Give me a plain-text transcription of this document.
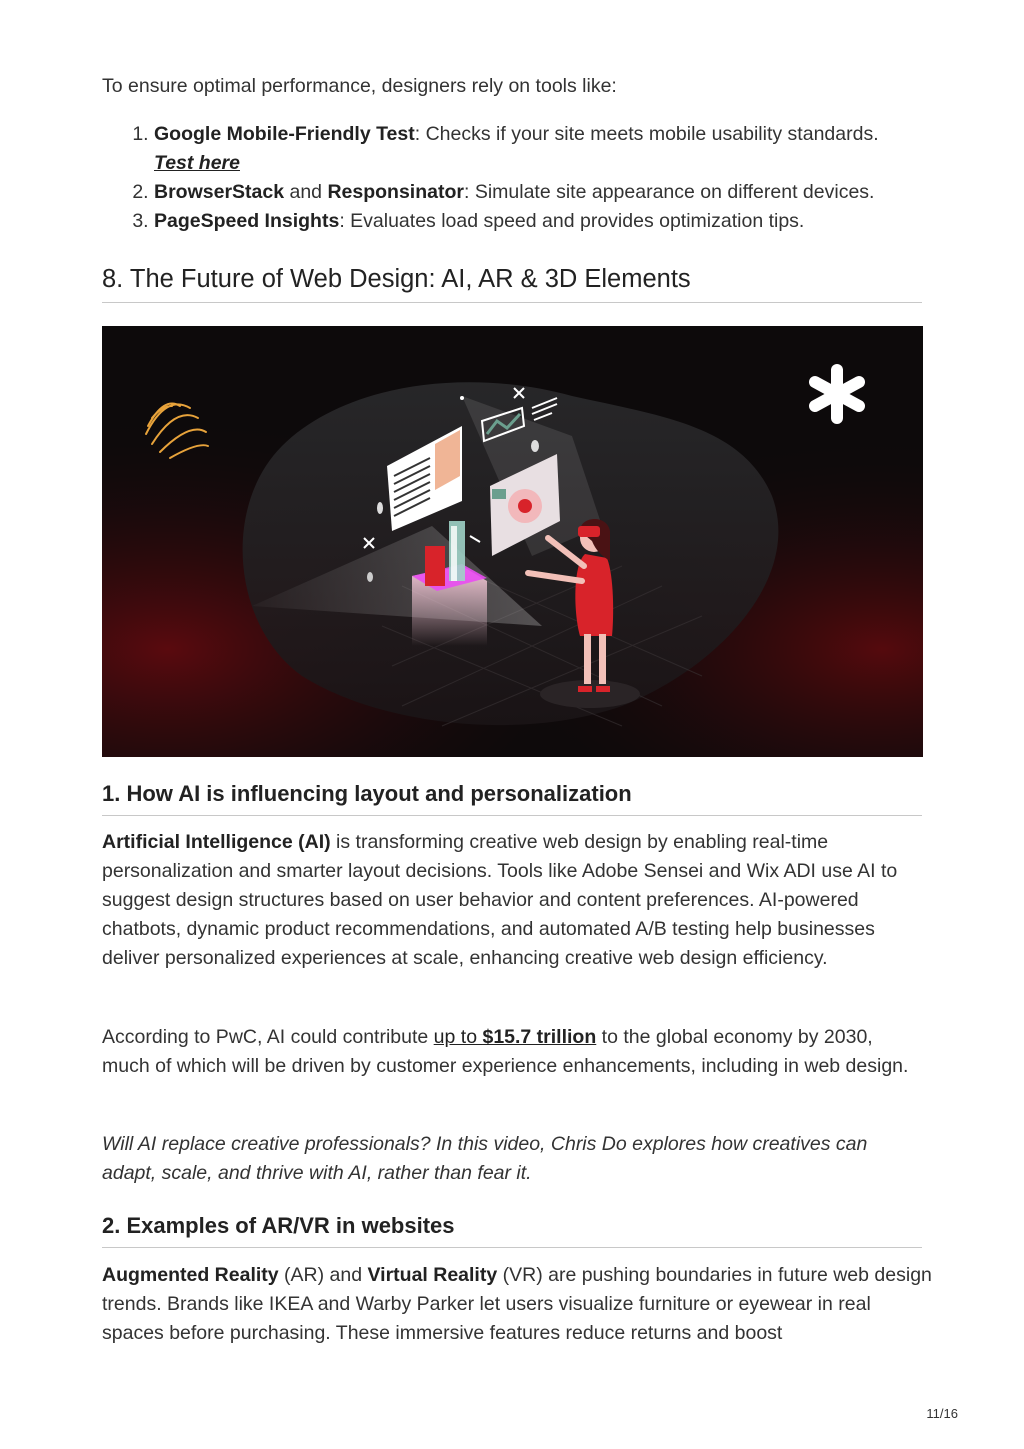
To ensure optimal performance, designers rely on tools like:

1. Google Mobile-Friendly Test: Checks if your site meets mobile usability standards.
Test here
2. BrowserStack and Responsinator: Simulate site appearance on different devices.
3. PageSpeed Insights: Evaluates load speed and provides optimization tips.
8. The Future of Web Design: AI, AR & 3D Elements
1. How AI is influencing layout and personalization

Artificial Intelligence (AI) is transforming creative web design by enabling real-time personalization and smarter layout decisions. Tools like Adobe Sensei and Wix ADI use AI to suggest design structures based on user behavior and content preferences. AI-powered chatbots, dynamic product recommendations, and automated A/B testing help businesses deliver personalized experiences at scale, enhancing creative web design efficiency.

According to PwC, AI could contribute up to $15.7 trillion to the global economy by 2030, much of which will be driven by customer experience enhancements, including in web design.

Will AI replace creative professionals? In this video, Chris Do explores how creatives can adapt, scale, and thrive with AI, rather than fear it.

2. Examples of AR/VR in websites

Augmented Reality (AR) and Virtual Reality (VR) are pushing boundaries in future web design trends. Brands like IKEA and Warby Parker let users visualize furniture or eyewear in real spaces before purchasing. These immersive features reduce returns and boost

11/16
